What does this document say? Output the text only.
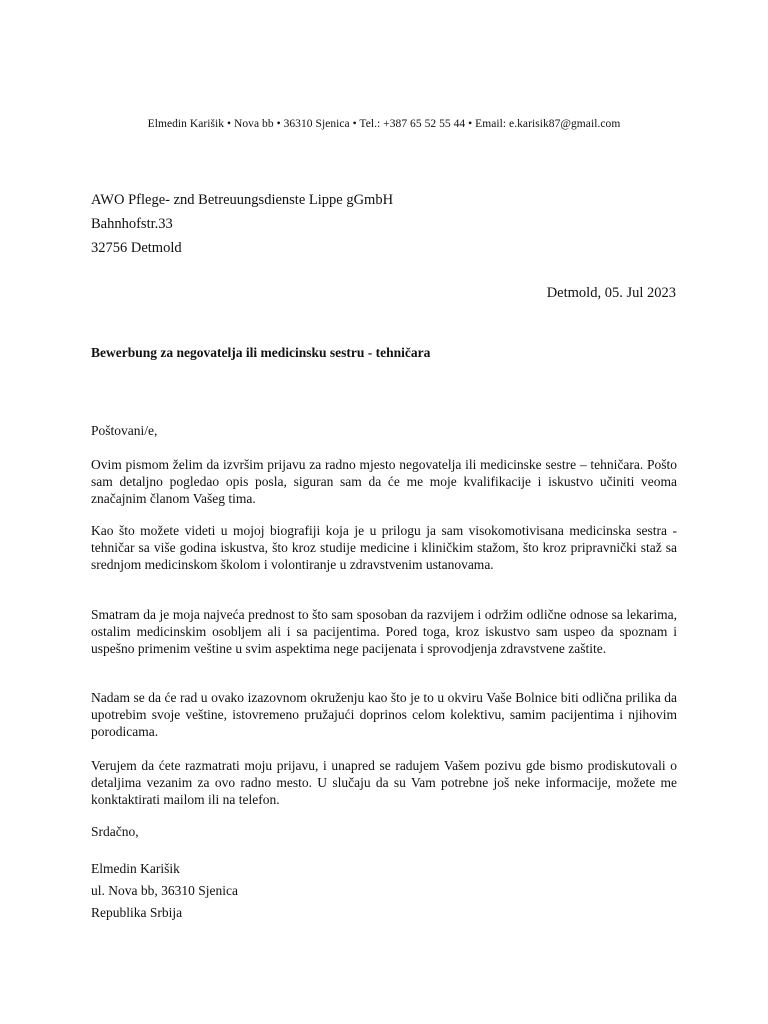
Elmedin Karišik • Nova bb • 36310 Sjenica • Tel.: +387 65 52 55 44 • Email: e.karisik87@gmail.com
AWO Pflege- znd Betreuungsdienste Lippe gGmbH
Bahnhofstr.33
32756 Detmold
Detmold, 05. Jul 2023
Bewerbung za negovatelja ili medicinsku sestru - tehničara
Poštovani/e,
Ovim pismom želim da izvršim prijavu za radno mjesto negovatelja ili medicinske sestre – tehničara. Pošto sam detaljno pogledao opis posla, siguran sam da će me moje kvalifikacije i iskustvo učiniti veoma značajnim članom Vašeg tima.
Kao što možete videti u mojoj biografiji koja je u prilogu ja sam visokomotivisana medicinska sestra - tehničar sa više godina iskustva, što kroz studije medicine i kliničkim stažom, što kroz pripravnički staž sa srednjom medicinskom školom i volontiranje u zdravstvenim ustanovama.
Smatram da je moja najveća prednost to što sam sposoban da razvijem i održim odlične odnose sa lekarima, ostalim medicinskim osobljem ali i sa pacijentima. Pored toga, kroz iskustvo sam uspeo da spoznam i uspešno primenim veštine u svim aspektima nege pacijenata i sprovodjenja zdravstvene zaštite.
Nadam se da će rad u ovako izazovnom okruženju kao što je to u okviru Vaše Bolnice biti odlična prilika da upotrebim svoje veštine, istovremeno pružajući doprinos celom kolektivu, samim pacijentima i njihovim porodicama.
Verujem da ćete razmatrati moju prijavu, i unapred se radujem Vašem pozivu gde bismo prodiskutovali o detaljima vezanim za ovo radno mesto. U slučaju da su Vam potrebne još neke informacije, možete me konktaktirati mailom ili na telefon.
Srdačno,
Elmedin Karišik
ul. Nova bb, 36310 Sjenica
Republika Srbija
